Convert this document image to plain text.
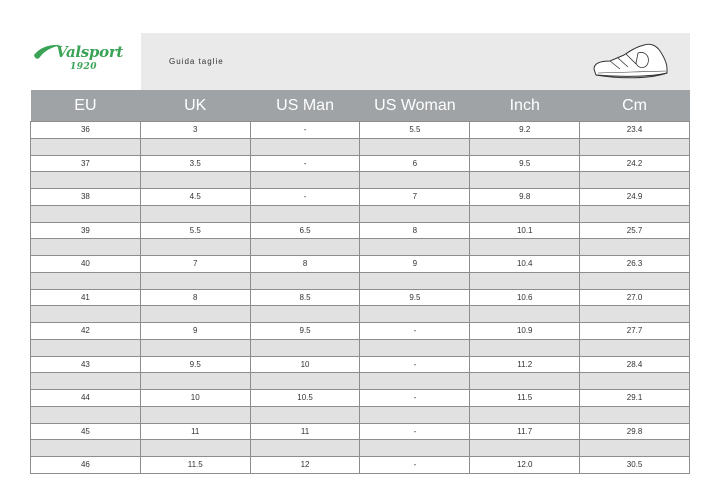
Valsport
1920
Guida taglie
EU	UK	US Man	US Woman	Inch	Cm
36	3	-	5.5	9.2	23.4

37	3.5	-	6	9.5	24.2

38	4.5	-	7	9.8	24.9

39	5.5	6.5	8	10.1	25.7

40	7	8	9	10.4	26.3

41	8	8.5	9.5	10.6	27.0

42	9	9.5	-	10.9	27.7

43	9.5	10	-	11.2	28.4

44	10	10.5	-	11.5	29.1

45	11	11	-	11.7	29.8

46	11.5	12	-	12.0	30.5
